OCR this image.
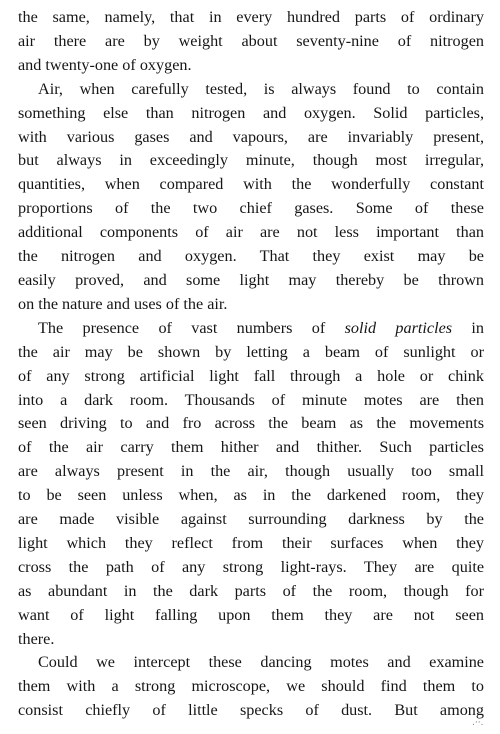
the same, namely, that in every hundred parts of ordinary
air there are by weight about seventy-nine of nitrogen
and twenty-one of oxygen.

Air, when carefully tested, is always found to contain
something else than nitrogen and oxygen. Solid particles,
with various gases and vapours, are invariably present,
but always in exceedingly minute, though most irregular,
quantities, when compared with the wonderfully constant
proportions of the two chief gases. Some of these
additional components of air are not less important than
the nitrogen and oxygen. That they exist may be
easily proved, and some light may thereby be thrown
on the nature and uses of the air.

The presence of vast numbers of solid particles in
the air may be shown by letting a beam of sunlight or
of any strong artificial light fall through a hole or chink
into a dark room. Thousands of minute motes are then
seen driving to and fro across the beam as the movements
of the air carry them hither and thither. Such particles
are always present in the air, though usually too small
to be seen unless when, as in the darkened room, they
are made visible against surrounding darkness by the
light which they reflect from their surfaces when they
cross the path of any strong light-rays. They are quite
as abundant in the dark parts of the room, though for
want of light falling upon them they are not seen
there.

Could we intercept these dancing motes and examine
them with a strong microscope, we should find them to
consist chiefly of little specks of dust. But among

.··.
